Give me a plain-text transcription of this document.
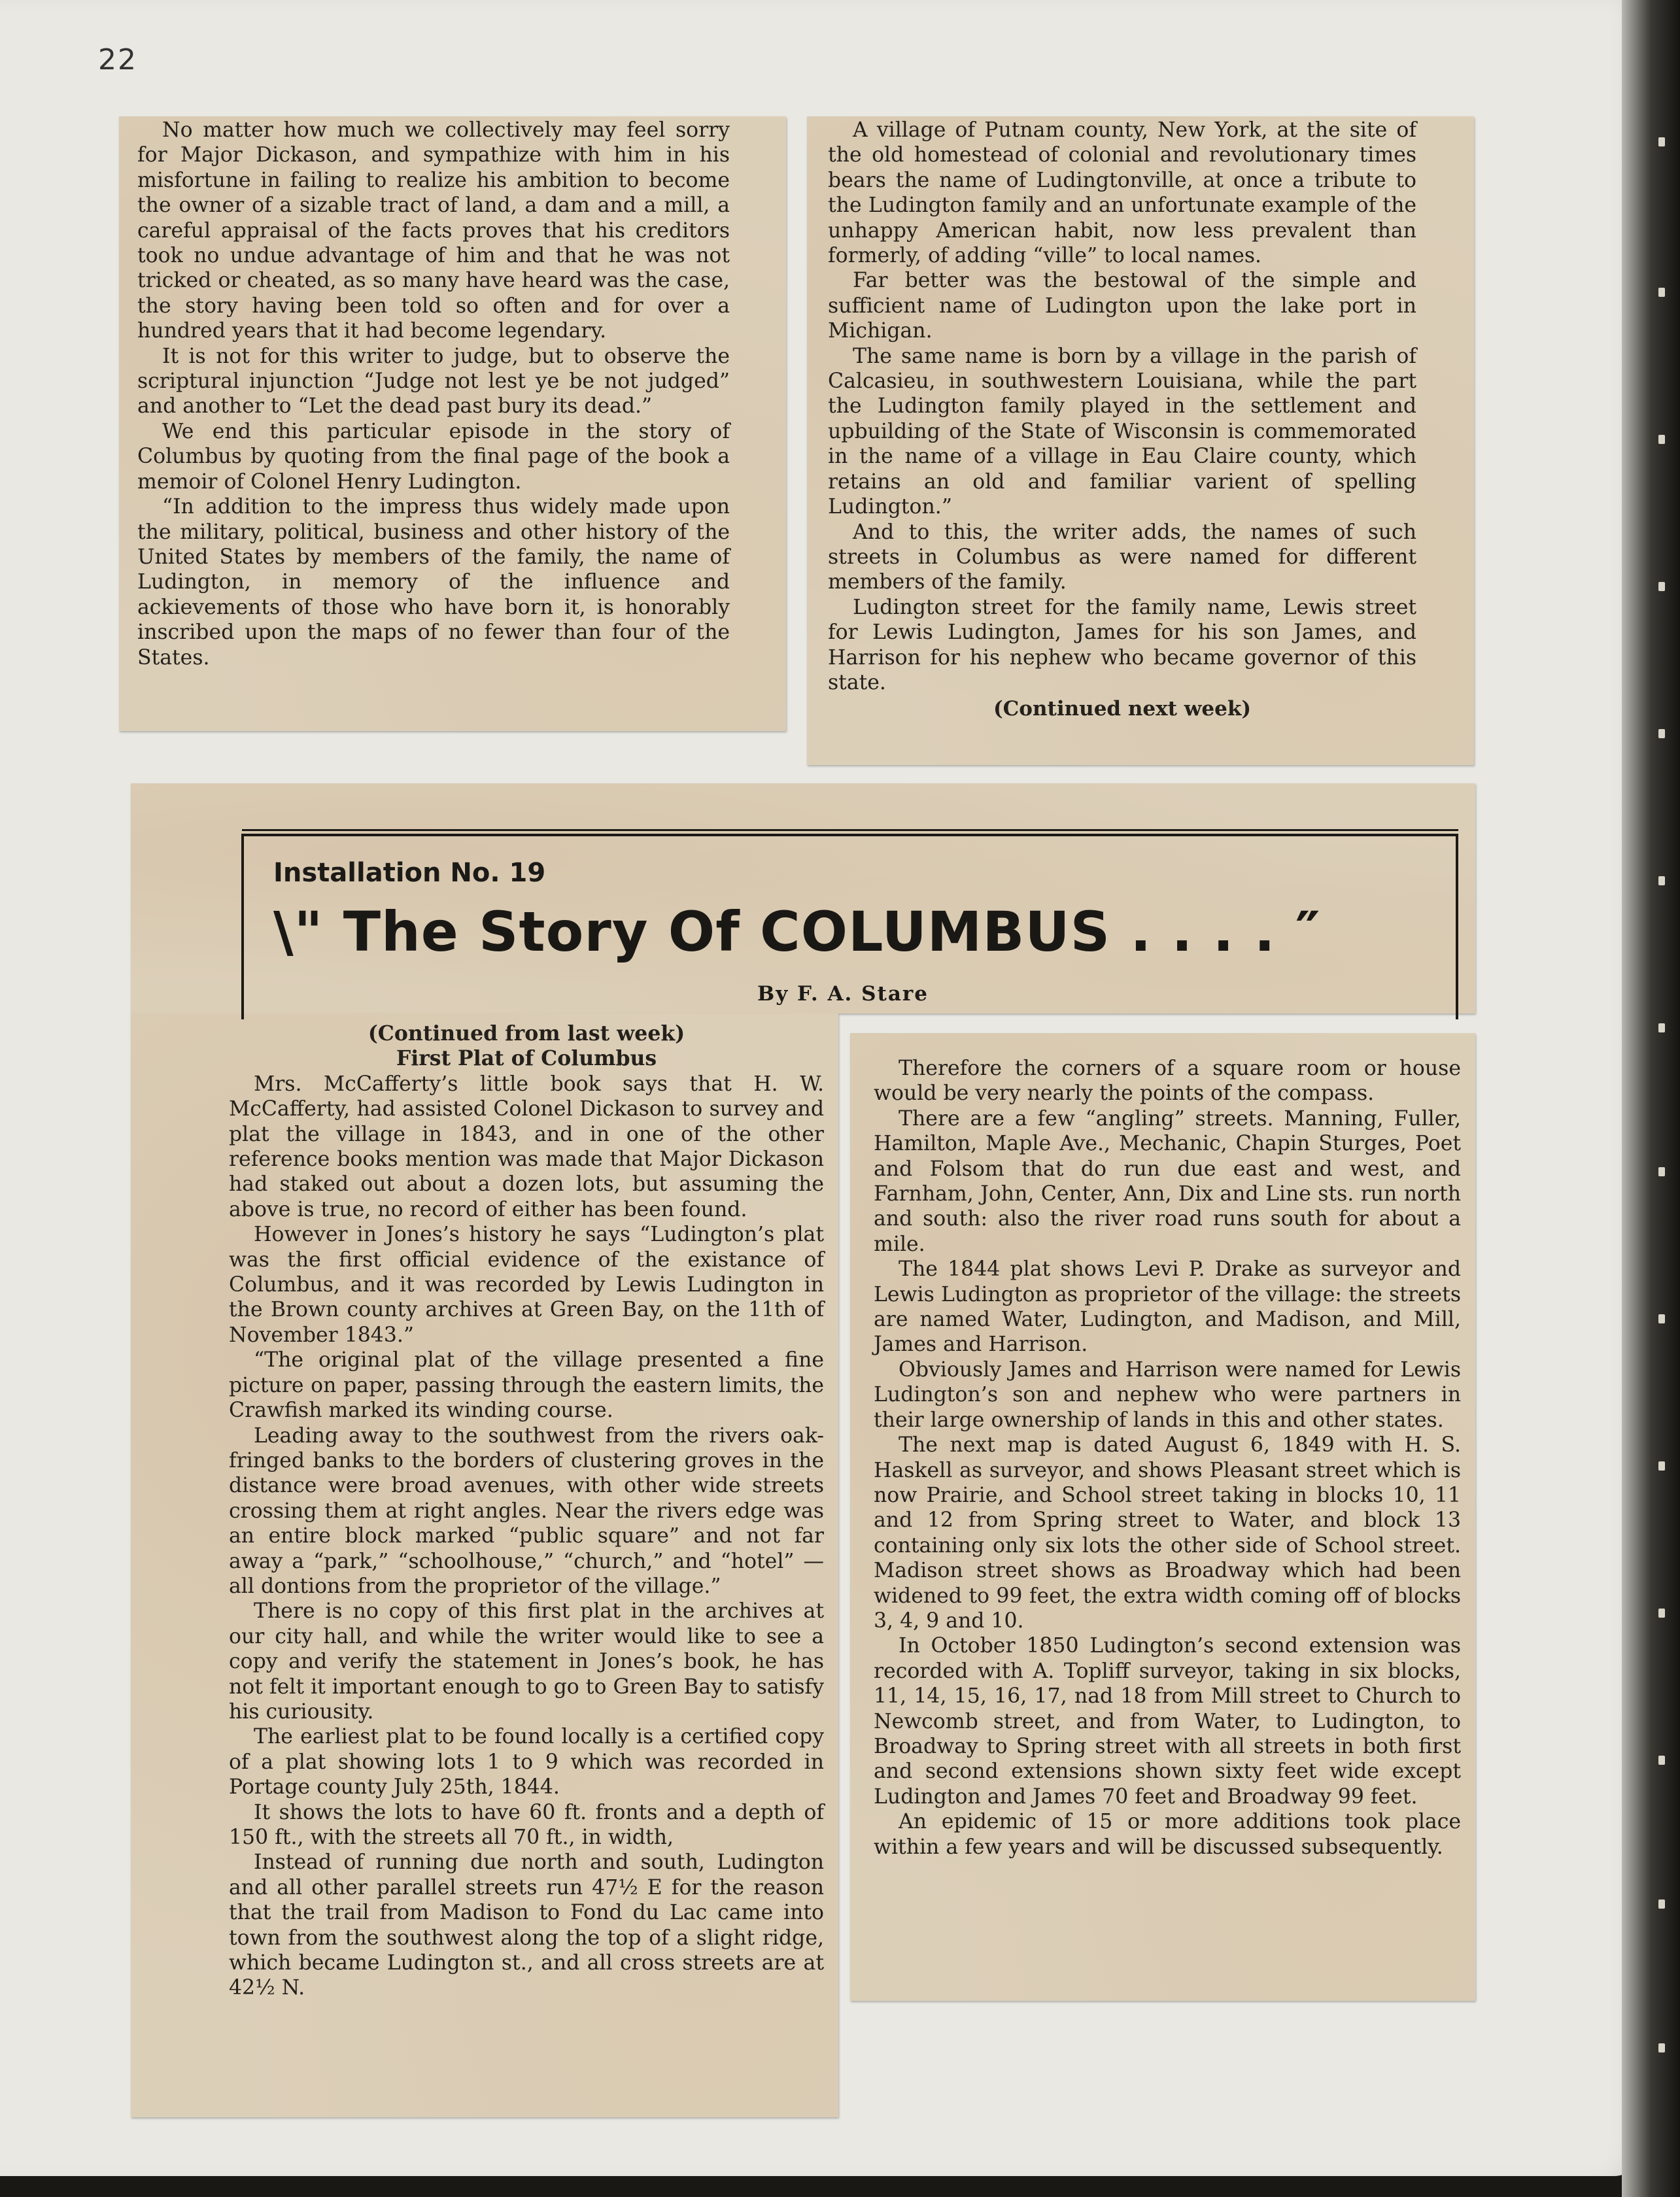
22

No matter how much we collectively may feel sorry for Major Dickason, and sympathize with him in his misfortune in failing to realize his ambition to become the owner of a sizable tract of land, a dam and a mill, a careful appraisal of the facts proves that his creditors took no undue advantage of him and that he was not tricked or cheated, as so many have heard was the case, the story having been told so often and for over a hundred years that it had become legendary.

It is not for this writer to judge, but to observe the scriptural injunction “Judge not lest ye be not judged” and another to “Let the dead past bury its dead.”

We end this particular episode in the story of Columbus by quoting from the final page of the book a memoir of Colonel Henry Ludington.

“In addition to the impress thus widely made upon the military, political, business and other history of the United States by members of the family, the name of Ludington, in memory of the influence and ackievements of those who have born it, is honorably inscribed upon the maps of no fewer than four of the States.

A village of Putnam county, New York, at the site of the old homestead of colonial and revolutionary times bears the name of Ludingtonville, at once a tribute to the Ludington family and an unfortunate example of the unhappy American habit, now less prevalent than formerly, of adding “ville” to local names.

Far better was the bestowal of the simple and sufficient name of Ludington upon the lake port in Michigan.

The same name is born by a village in the parish of Calcasieu, in southwestern Louisiana, while the part the Ludington family played in the settlement and upbuilding of the State of Wisconsin is commemorated in the name of a village in Eau Claire county, which retains an old and familiar varient of spelling Ludington.”

And to this, the writer adds, the names of such streets in Columbus as were named for different members of the family.

Ludington street for the family name, Lewis street for Lewis Ludington, James for his son James, and Harrison for his nephew who became governor of this state.

(Continued next week)
Installation No. 19
\" The Story Of COLUMBUS . . . . ″
By F. A. Stare

(Continued from last week)

First Plat of Columbus

Mrs. McCafferty’s little book says that H. W. McCafferty, had assisted Colonel Dickason to survey and plat the village in 1843, and in one of the other reference books mention was made that Major Dickason had staked out about a dozen lots, but assuming the above is true, no record of either has been found.

However in Jones’s history he says “Ludington’s plat was the first official evidence of the existance of Columbus, and it was recorded by Lewis Ludington in the Brown county archives at Green Bay, on the 11th of November 1843.”

“The original plat of the village presented a fine picture on paper, passing through the eastern limits, the Crawfish marked its winding course.

Leading away to the southwest from the rivers oak-fringed banks to the borders of clustering groves in the distance were broad avenues, with other wide streets crossing them at right angles. Near the rivers edge was an entire block marked “public square” and not far away a “park,” “schoolhouse,” “church,” and “hotel” — all dontions from the proprietor of the village.”

There is no copy of this first plat in the archives at our city hall, and while the writer would like to see a copy and verify the statement in Jones’s book, he has not felt it important enough to go to Green Bay to satisfy his curiousity.

The earliest plat to be found locally is a certified copy of a plat showing lots 1 to 9 which was recorded in Portage county July 25th, 1844.

It shows the lots to have 60 ft. fronts and a depth of 150 ft., with the streets all 70 ft., in width,

Instead of running due north and south, Ludington and all other parallel streets run 47½ E for the reason that the trail from Madison to Fond du Lac came into town from the southwest along the top of a slight ridge, which became Ludington st., and all cross streets are at 42½ N.

Therefore the corners of a square room or house would be very nearly the points of the compass.

There are a few “angling” streets. Manning, Fuller, Hamilton, Maple Ave., Mechanic, Chapin Sturges, Poet and Folsom that do run due east and west, and Farnham, John, Center, Ann, Dix and Line sts. run north and south: also the river road runs south for about a mile.

The 1844 plat shows Levi P. Drake as surveyor and Lewis Ludington as proprietor of the village: the streets are named Water, Ludington, and Madison, and Mill, James and Harrison.

Obviously James and Harrison were named for Lewis Ludington’s son and nephew who were partners in their large ownership of lands in this and other states.

The next map is dated August 6, 1849 with H. S. Haskell as surveyor, and shows Pleasant street which is now Prairie, and School street taking in blocks 10, 11 and 12 from Spring street to Water, and block 13 containing only six lots the other side of School street. Madison street shows as Broadway which had been widened to 99 feet, the extra width coming off of blocks 3, 4, 9 and 10.

In October 1850 Ludington’s second extension was recorded with A. Topliff surveyor, taking in six blocks, 11, 14, 15, 16, 17, nad 18 from Mill street to Church to Newcomb street, and from Water, to Ludington, to Broadway to Spring street with all streets in both first and second extensions shown sixty feet wide except Ludington and James 70 feet and Broadway 99 feet.

An epidemic of 15 or more additions took place within a few years and will be discussed subsequently.
